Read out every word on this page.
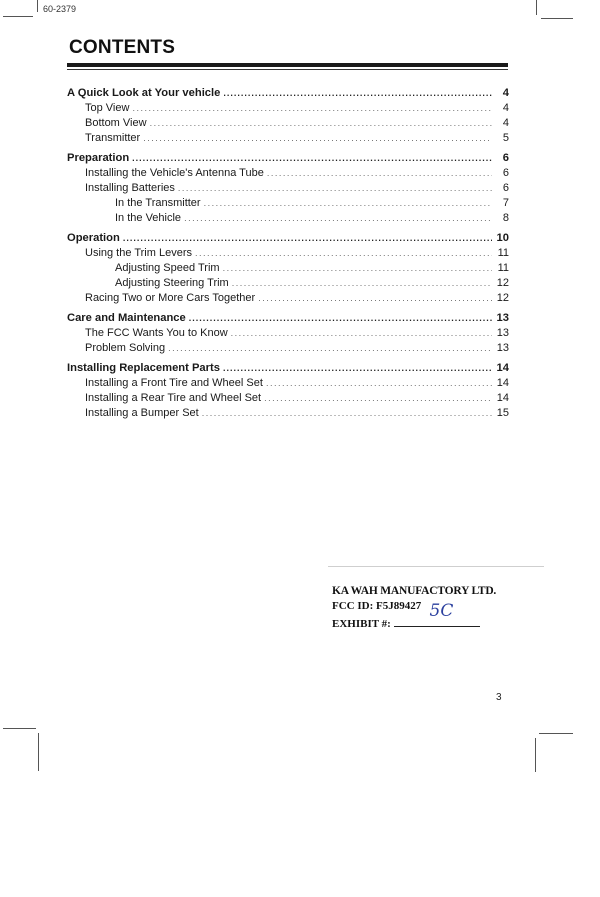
60-2379
CONTENTS
A Quick Look at Your vehicle .....	4
Top View .....	4
Bottom View .....	4
Transmitter .....	5
Preparation .....	6
Installing the Vehicle's Antenna Tube .....	6
Installing Batteries .....	6
In the Transmitter .....	7
In the Vehicle .....	8
Operation .....	10
Using the Trim Levers .....	11
Adjusting Speed Trim .....	11
Adjusting Steering Trim .....	12
Racing Two or More Cars Together .....	12
Care and Maintenance .....	13
The FCC Wants You to Know .....	13
Problem Solving .....	13
Installing Replacement Parts .....	14
Installing a Front Tire and Wheel Set .....	14
Installing a Rear Tire and Wheel Set .....	14
Installing a Bumper Set .....	15
KA WAH MANUFACTORY LTD.
FCC ID: F5J89427
EXHIBIT #:
5C
3
